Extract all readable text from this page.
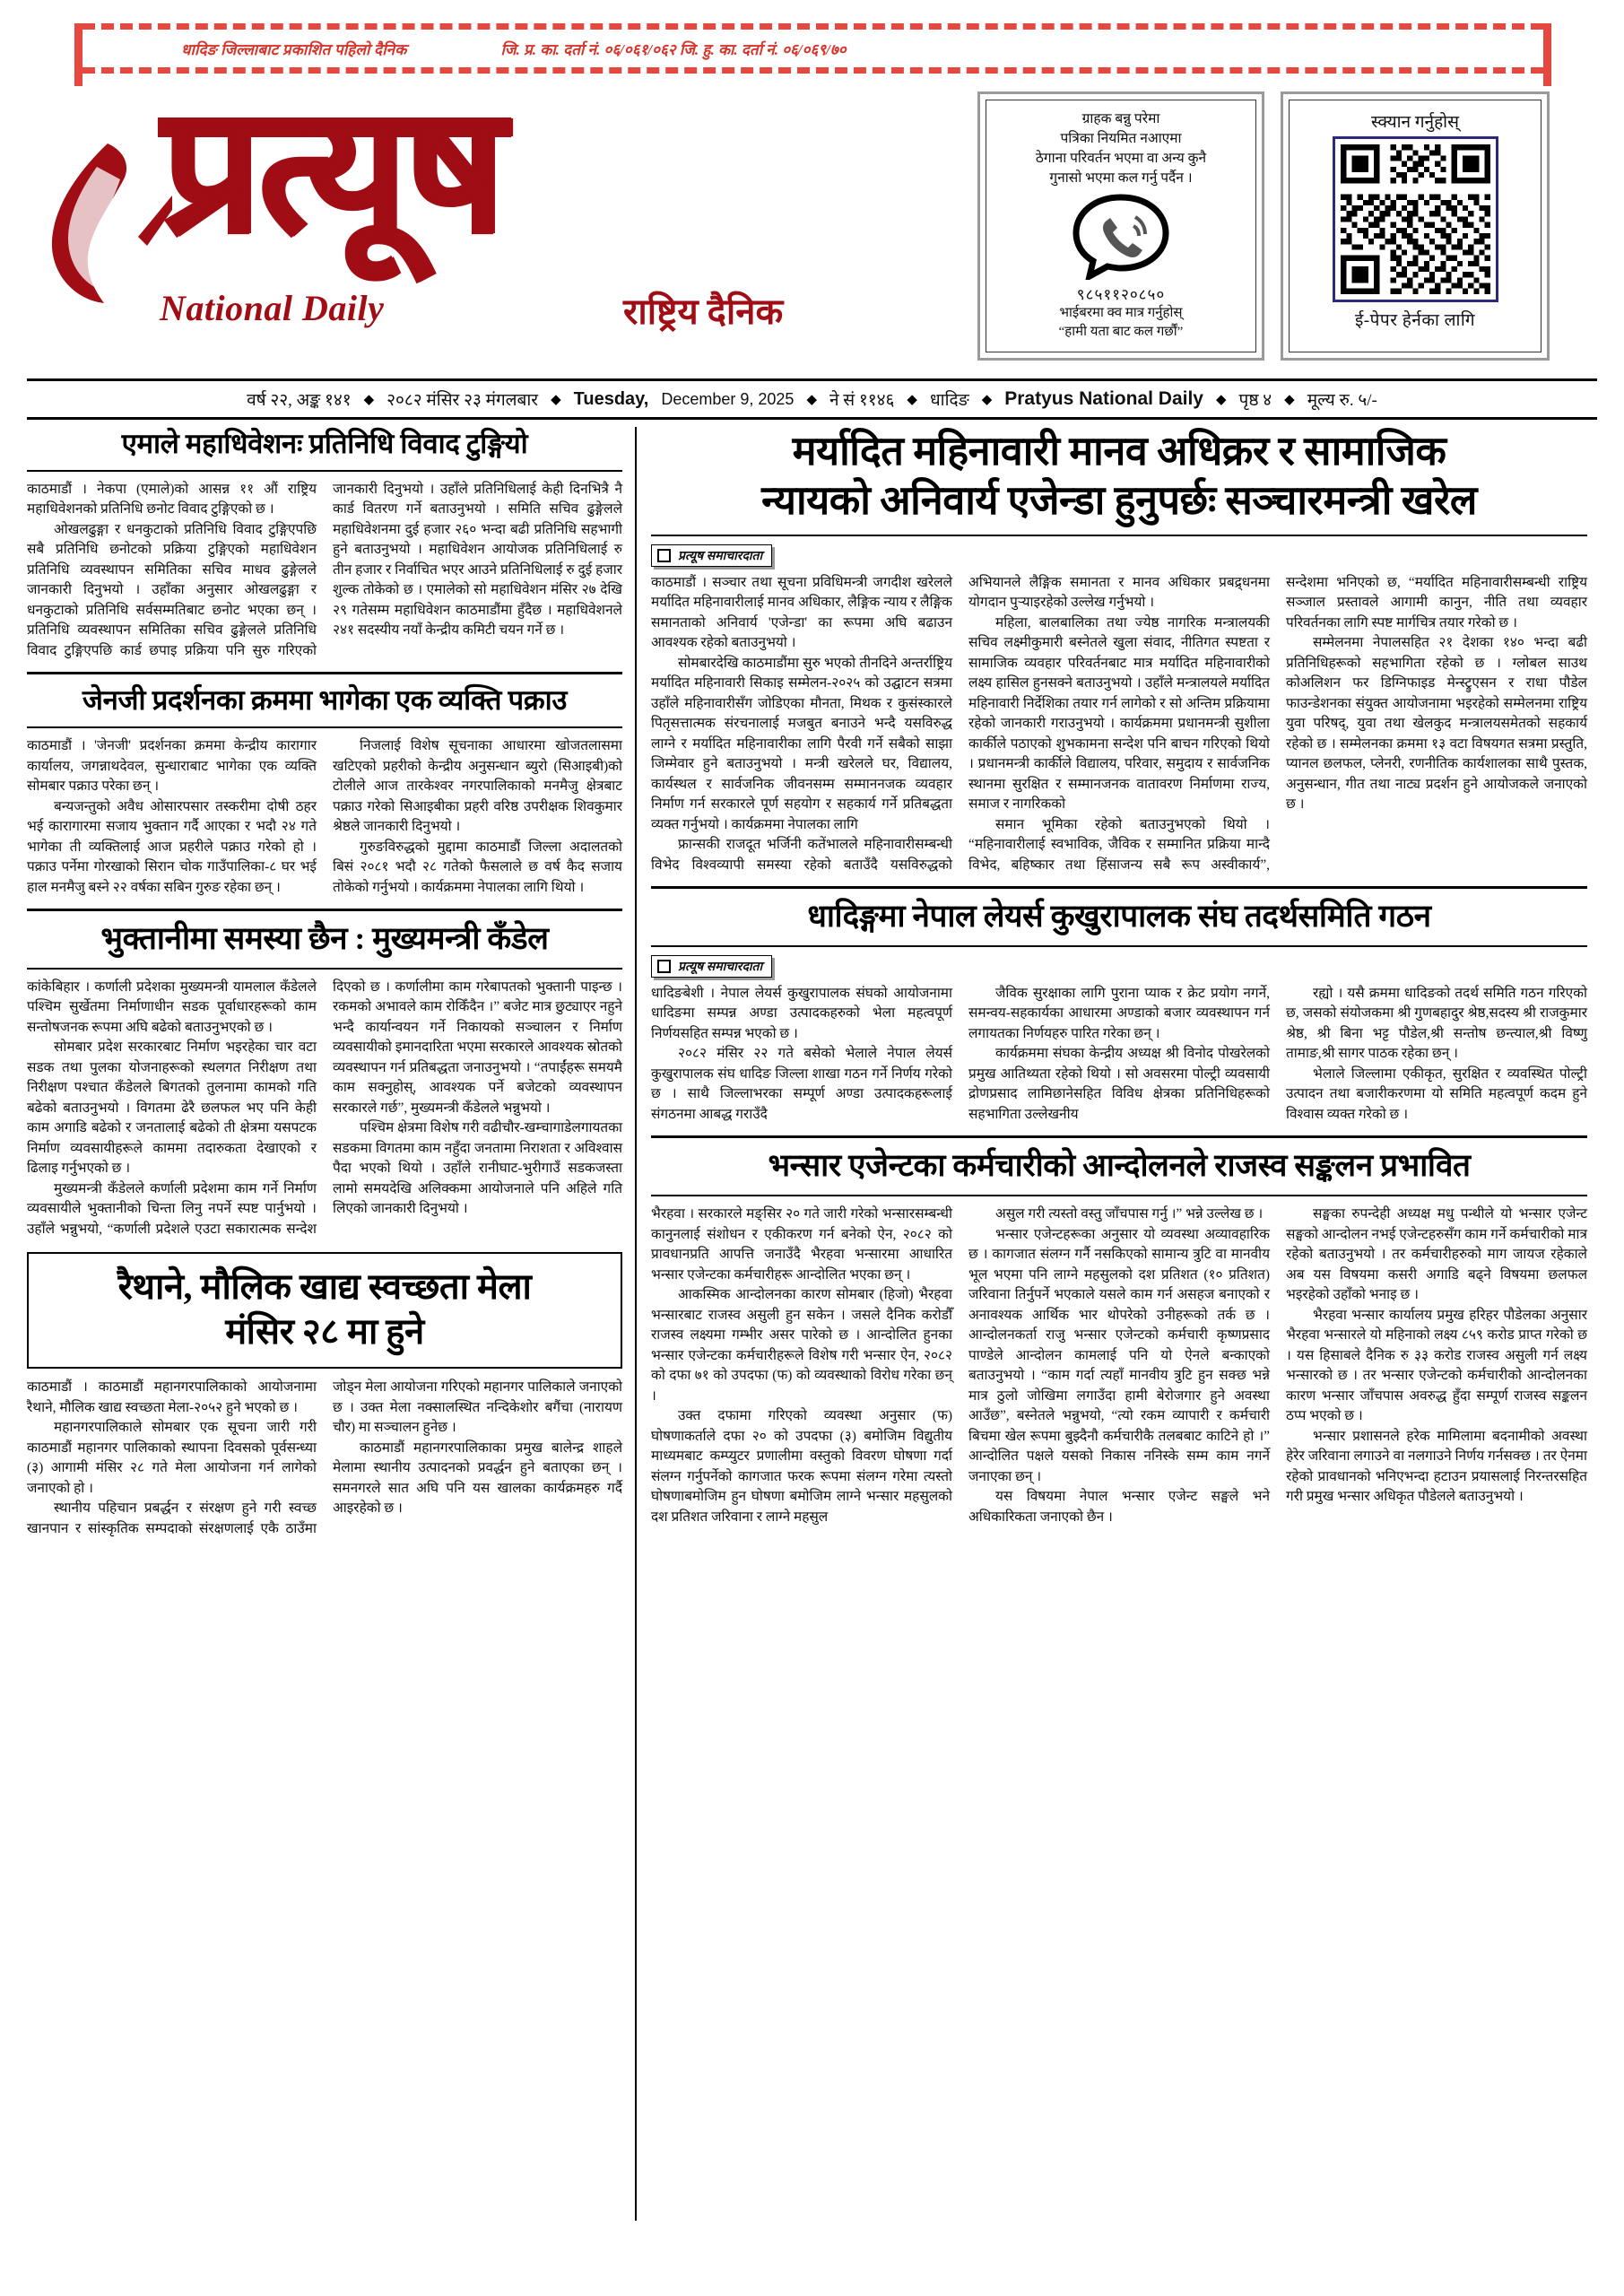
धादिङ जिल्लाबाट प्रकाशित पहिलो दैनिक	जि. प्र. का. दर्ता नं. ०६/०६१/०६२ जि. हु. का. दर्ता नं. ०६/०६९/७०
प्रत्यूष
National Daily	राष्ट्रिय दैनिक
ग्राहक बन्नु परेमा
पत्रिका नियमित नआएमा
ठेगाना परिवर्तन भएमा वा अन्य कुनै
गुनासो भएमा कल गर्नु पर्दैन ।
९८५११२०८५०
भाईबरमा क्व मात्र गर्नुहोस्
“हामी यता बाट कल गर्छौं”
स्क्यान गर्नुहोस्
ई-पेपर हेर्नका लागि
वर्ष २२, अङ्क १४१ ◆ २०८२ मंसिर २३ मंगलबार ◆ Tuesday, December 9, 2025 ◆ ने सं ११४६ ◆ धादिङ ◆ Pratyus National Daily ◆ पृष्ठ ४ ◆ मूल्य रु. ५/-
एमाले महाधिवेशनः प्रतिनिधि विवाद टुङ्गियो

काठमाडौं । नेकपा (एमाले)को आसन्न ११ औं राष्ट्रिय महाधिवेशनको प्रतिनिधि छनोट विवाद टुङ्गिएको छ ।

ओखलढुङ्गा र धनकुटाको प्रतिनिधि विवाद टुङ्गिएपछि सबै प्रतिनिधि छनोटको प्रक्रिया टुङ्गिएको महाधिवेशन प्रतिनिधि व्यवस्थापन समितिका सचिव माधव ढुङ्गेलले जानकारी दिनुभयो । उहाँका अनुसार ओखलढुङ्गा र धनकुटाको प्रतिनिधि सर्वसम्मतिबाट छनोट भएका छन् । प्रतिनिधि व्यवस्थापन समितिका सचिव ढुङ्गेलले प्रतिनिधि विवाद टुङ्गिएपछि कार्ड छपाइ प्रक्रिया पनि सुरु गरिएको जानकारी दिनुभयो । उहाँले प्रतिनिधिलाई केही दिनभित्रै नै कार्ड वितरण गर्ने बताउनुभयो । समिति सचिव ढुङ्गेलले महाधिवेशनमा दुई हजार २६० भन्दा बढी प्रतिनिधि सहभागी हुने बताउनुभयो । महाधिवेशन आयोजक प्रतिनिधिलाई रु तीन हजार र निर्वाचित भएर आउने प्रतिनिधिलाई रु दुई हजार शुल्क तोकेको छ । एमालेको सो महाधिवेशन मंसिर २७ देखि २९ गतेसम्म महाधिवेशन काठमाडौंमा हुँदैछ । महाधिवेशनले २४१ सदस्यीय नयाँ केन्द्रीय कमिटी चयन गर्ने छ ।

जेनजी प्रदर्शनका क्रममा भागेका एक व्यक्ति पक्राउ

काठमाडौं । 'जेनजी' प्रदर्शनका क्रममा केन्द्रीय कारागार कार्यालय, जगन्नाथदेवल, सुन्धाराबाट भागेका एक व्यक्ति सोमबार पक्राउ परेका छन् ।

बन्यजन्तुको अवैध ओसारपसार तस्करीमा दोषी ठहर भई कारागारमा सजाय भुक्तान गर्दै आएका र भदौ २४ गते भागेका ती व्यक्तिलाई आज प्रहरीले पक्राउ गरेको हो । पक्राउ पर्नेमा गोरखाको सिरान चोक गाउँपालिका-८ घर भई हाल मनमैजु बस्ने २२ वर्षका सबिन गुरुङ रहेका छन् ।

निजलाई विशेष सूचनाका आधारमा खोजतलासमा खटिएको प्रहरीको केन्द्रीय अनुसन्धान ब्युरो (सिआइबी)को टोलीले आज तारकेश्वर नगरपालिकाको मनमैजु क्षेत्रबाट पक्राउ गरेको सिआइबीका प्रहरी वरिष्ठ उपरीक्षक शिवकुमार श्रेष्ठले जानकारी दिनुभयो ।

गुरुङविरुद्धको मुद्दामा काठमाडौं जिल्ला अदालतको बिसं २०८१ भदौ २८ गतेको फैसलाले छ वर्ष कैद सजाय तोकेको गर्नुभयो । कार्यक्रममा नेपालका लागि थियो ।

भुक्तानीमा समस्या छैन : मुख्यमन्त्री कँडेल

कांकेबिहार । कर्णाली प्रदेशका मुख्यमन्त्री यामलाल कँडेलले पश्चिम सुर्खेतमा निर्माणाधीन सडक पूर्वाधारहरूको काम सन्तोषजनक रूपमा अघि बढेको बताउनुभएको छ ।

सोमबार प्रदेश सरकारबाट निर्माण भइरहेका चार वटा सडक तथा पुलका योजनाहरूको स्थलगत निरीक्षण तथा निरीक्षण पश्चात कँडेलले बिगतको तुलनामा कामको गति बढेको बताउनुभयो । विगतमा ढेरै छलफल भए पनि केही काम अगाडि बढेको र जनतालाई बढेको ती क्षेत्रमा यसपटक निर्माण व्यवसायीहरूले काममा तदारुकता देखाएको र ढिलाइ गर्नुभएको छ ।

मुख्यमन्त्री कँडेलले कर्णाली प्रदेशमा काम गर्ने निर्माण व्यवसायीले भुक्तानीको चिन्ता लिनु नपर्ने स्पष्ट पार्नुभयो । उहाँले भन्नुभयो, “कर्णाली प्रदेशले एउटा सकारात्मक सन्देश दिएको छ । कर्णालीमा काम गरेबापतको भुक्तानी पाइन्छ । रकमको अभावले काम रोकिँदैन ।” बजेट मात्र छुट्याएर नहुने भन्दै कार्यान्वयन गर्ने निकायको सञ्चालन र निर्माण व्यवसायीको इमानदारिता भएमा सरकारले आवश्यक स्रोतको व्यवस्थापन गर्न प्रतिबद्धता जनाउनुभयो । “तपाईंहरू समयमै काम सक्नुहोस्, आवश्यक पर्ने बजेटको व्यवस्थापन सरकारले गर्छ”, मुख्यमन्त्री कँडेलले भन्नुभयो ।

पश्चिम क्षेत्रमा विशेष गरी वढीचौर-खम्चागाडेलगायतका सडकमा विगतमा काम नहुँदा जनतामा निराशता र अविश्वास पैदा भएको थियो । उहाँले रानीघाट-भुरीगाउँ सडकजस्ता लामो समयदेखि अलिक्कमा आयोजनाले पनि अहिले गति लिएको जानकारी दिनुभयो ।

रैथाने, मौलिक खाद्य स्वच्छता मेला
मंसिर २८ मा हुने

काठमाडौं । काठमाडौं महानगरपालिकाको आयोजनामा रैथाने, मौलिक खाद्य स्वच्छता मेला-२०५२ हुने भएको छ ।

महानगरपालिकाले सोमबार एक सूचना जारी गरी काठमाडौं महानगर पालिकाको स्थापना दिवसको पूर्वसन्ध्या (३) आगामी मंसिर २८ गते मेला आयोजना गर्न लागेको जनाएको हो ।

स्थानीय पहिचान प्रबर्द्धन र संरक्षण हुने गरी स्वच्छ खानपान र सांस्कृतिक सम्पदाको संरक्षणलाई एकै ठाउँमा जोड्न मेला आयोजना गरिएको महानगर पालिकाले जनाएको छ । उक्त मेला नक्सालस्थित नन्दिकेशोर बगैंचा (नारायण चौर) मा सञ्चालन हुनेछ ।

काठमाडौं महानगरपालिकाका प्रमुख बालेन्द्र शाहले मेलामा स्थानीय उत्पादनको प्रवर्द्धन हुने बताएका छन् । समनगरले सात अघि पनि यस खालका कार्यक्रमहरु गर्दै आइरहेको छ ।

मर्यादित महिनावारी मानव अधिक्रर र सामाजिक
न्यायको अनिवार्य एजेन्डा हुनुपर्छः सञ्चारमन्त्री खरेल
प्रत्यूष समाचारदाता

काठमाडौं । सञ्चार तथा सूचना प्रविधिमन्त्री जगदीश खरेलले मर्यादित महिनावारीलाई मानव अधिकार, लैङ्गिक न्याय र लैङ्गिक समानताको अनिवार्य 'एजेन्डा' का रूपमा अघि बढाउन आवश्यक रहेको बताउनुभयो ।

सोमबारदेखि काठमाडौंमा सुरु भएको तीनदिने अन्तर्राष्ट्रिय मर्यादित महिनावारी सिकाइ सम्मेलन-२०२५ को उद्घाटन सत्रमा उहाँले महिनावारीसँग जोडिएका मौनता, मिथक र कुसंस्कारले पितृसत्तात्मक संरचनालाई मजबुत बनाउने भन्दै यसविरुद्ध लाग्ने र मर्यादित महिनावारीका लागि पैरवी गर्ने सबैको साझा जिम्मेवार हुने बताउनुभयो । मन्त्री खरेलले घर, विद्यालय, कार्यस्थल र सार्वजनिक जीवनसम्म सम्माननजक व्यवहार निर्माण गर्न सरकारले पूर्ण सहयोग र सहकार्य गर्ने प्रतिबद्धता व्यक्त गर्नुभयो । कार्यक्रममा नेपालका लागि

फ्रान्सकी राजदूत भर्जिनी कतेंभालले महिनावारीसम्बन्धी विभेद विश्वव्यापी समस्या रहेको बताउँदै यसविरुद्धको अभियानले लैङ्गिक समानता र मानव अधिकार प्रबद्र्धनमा योगदान पुऱ्याइरहेको उल्लेख गर्नुभयो ।

महिला, बालबालिका तथा ज्येष्ठ नागरिक मन्त्रालयकी सचिव लक्ष्मीकुमारी बस्नेतले खुला संवाद, नीतिगत स्पष्टता र सामाजिक व्यवहार परिवर्तनबाट मात्र मर्यादित महिनावारीको लक्ष्य हासिल हुनसक्ने बताउनुभयो । उहाँले मन्त्रालयले मर्यादित महिनावारी निर्देशिका तयार गर्न लागेको र सो अन्तिम प्रक्रियामा रहेको जानकारी गराउनुभयो । कार्यक्रममा प्रधानमन्त्री सुशीला कार्कीले पठाएको शुभकामना सन्देश पनि बाचन गरिएको थियो । प्रधानमन्त्री कार्कीले विद्यालय, परिवार, समुदाय र सार्वजनिक स्थानमा सुरक्षित र सम्मानजनक वातावरण निर्माणमा राज्य, समाज र नागरिकको

समान भूमिका रहेको बताउनुभएको थियो । “महिनावारीलाई स्वभाविक, जैविक र सम्मानित प्रक्रिया मान्दै विभेद, बहिष्कार तथा हिंसाजन्य सबै रूप अस्वीकार्य”, सन्देशमा भनिएको छ, “मर्यादित महिनावारीसम्बन्धी राष्ट्रिय सञ्जाल प्रस्तावले आगामी कानुन, नीति तथा व्यवहार परिवर्तनका लागि स्पष्ट मार्गचित्र तयार गरेको छ ।

सम्मेलनमा नेपालसहित २१ देशका १४० भन्दा बढी प्रतिनिधिहरूको सहभागिता रहेको छ । ग्लोबल साउथ कोअलिशन फर डिग्निफाइड मेन्स्ट्रुएसन र राधा पौडेल फाउन्डेशनका संयुक्त आयोजनामा भइरहेको सम्मेलनमा राष्ट्रिय युवा परिषद्, युवा तथा खेलकुद मन्त्रालयसमेतको सहकार्य रहेको छ । सम्मेलनका क्रममा १३ वटा विषयगत सत्रमा प्रस्तुति, प्यानल छलफल, प्लेनरी, रणनीतिक कार्यशालका साथै पुस्तक, अनुसन्धान, गीत तथा नाट्य प्रदर्शन हुने आयोजकले जनाएको छ ।

धादिङ्गमा नेपाल लेयर्स कुखुरापालक संघ तदर्थसमिति गठन
प्रत्यूष समाचारदाता

धादिङबेशी । नेपाल लेयर्स कुखुरापालक संघको आयोजनामा धादिङमा सम्पन्न अण्डा उत्पादकहरुको भेला महत्वपूर्ण निर्णयसहित सम्पन्न भएको छ ।

२०८२ मंसिर २२ गते बसेको भेलाले नेपाल लेयर्स कुखुरापालक संघ धादिङ जिल्ला शाखा गठन गर्ने निर्णय गरेको छ । साथै जिल्लाभरका सम्पूर्ण अण्डा उत्पादकहरूलाई संगठनमा आबद्ध गराउँदै

जैविक सुरक्षाका लागि पुराना प्याक र क्रेट प्रयोग नगर्ने, समन्वय-सहकार्यका आधारमा अण्डाको बजार व्यवस्थापन गर्न लगायतका निर्णयहरु पारित गरेका छन् ।

कार्यक्रममा संघका केन्द्रीय अध्यक्ष श्री विनोद पोखरेलको प्रमुख आतिथ्यता रहेको थियो । सो अवसरमा पोल्ट्री व्यवसायी द्रोणप्रसाद लामिछानेसहित विविध क्षेत्रका प्रतिनिधिहरूको सहभागिता उल्लेखनीय

रह्यो । यसै क्रममा धादिङको तदर्थ समिति गठन गरिएको छ, जसको संयोजकमा श्री गुणबहादुर श्रेष्ठ,सदस्य श्री राजकुमार श्रेष्ठ, श्री बिना भट्ट पौडेल,श्री सन्तोष छन्त्याल,श्री विष्णु तामाङ,श्री सागर पाठक रहेका छन् ।

भेलाले जिल्लामा एकीकृत, सुरक्षित र व्यवस्थित पोल्ट्री उत्पादन तथा बजारीकरणमा यो समिति महत्वपूर्ण कदम हुने विश्वास व्यक्त गरेको छ ।

भन्सार एजेन्टका कर्मचारीको आन्दोलनले राजस्व सङ्कलन प्रभावित

भैरहवा । सरकारले मङ्सिर २० गते जारी गरेको भन्सारसम्बन्धी कानुनलाई संशोधन र एकीकरण गर्न बनेको ऐन, २०८२ को प्रावधानप्रति आपत्ति जनाउँदै भैरहवा भन्सारमा आधारित भन्सार एजेन्टका कर्मचारीहरू आन्दोलित भएका छन् ।

आकस्मिक आन्दोलनका कारण सोमबार (हिजो) भैरहवा भन्सारबाट राजस्व असुली हुन सकेन । जसले दैनिक करोडौँ राजस्व लक्ष्यमा गम्भीर असर पारेको छ । आन्दोलित हुनका भन्सार एजेन्टका कर्मचारीहरूले विशेष गरी भन्सार ऐन, २०८२ को दफा ७१ को उपदफा (फ) को व्यवस्थाको विरोध गरेका छन् ।

उक्त दफामा गरिएको व्यवस्था अनुसार (फ) घोषणाकर्ताले दफा २० को उपदफा (३) बमोजिम विद्युतीय माध्यमबाट कम्प्युटर प्रणालीमा वस्तुको विवरण घोषणा गर्दा संलग्न गर्नुपर्नेको कागजात फरक रूपमा संलग्न गरेमा त्यस्तो घोषणाबमोजिम हुन घोषणा बमोजिम लाग्ने भन्सार महसुलको दश प्रतिशत जरिवाना र लाग्ने महसुल

असुल गरी त्यस्तो वस्तु जाँचपास गर्नु ।” भन्ने उल्लेख छ ।

भन्सार एजेन्टहरूका अनुसार यो व्यवस्था अव्यावहारिक छ । कागजात संलग्न गर्नै नसकिएको सामान्य त्रुटि वा मानवीय भूल भएमा पनि लाग्ने महसुलको दश प्रतिशत (१० प्रतिशत) जरिवाना तिर्नुपर्ने भएकाले यसले काम गर्न असहज बनाएको र अनावश्यक आर्थिक भार थोपरेको उनीहरूको तर्क छ । आन्दोलनकर्ता राजु भन्सार एजेन्टको कर्मचारी कृष्णप्रसाद पाण्डेले आन्दोलन कामलाई पनि यो ऐनले बन्काएको बताउनुभयो । “काम गर्दा त्यहाँ मानवीय त्रुटि हुन सक्छ भन्ने मात्र ठुलो जोखिमा लगाउँदा हामी बेरोजगार हुने अवस्था आउँछ”, बस्नेतले भन्नुभयो, “त्यो रकम व्यापारी र कर्मचारी बिचमा खेल रूपमा बुझ्दैनौ कर्मचारीकै तलबबाट काटिने हो ।” आन्दोलित पक्षले यसको निकास ननिस्के सम्म काम नगर्ने जनाएका छन् ।

यस विषयमा नेपाल भन्सार एजेन्ट सङ्घले भने अधिकारिकता जनाएको छैन ।

सङ्घका रुपन्देही अध्यक्ष मधु पन्थीले यो भन्सार एजेन्ट सङ्घको आन्दोलन नभई एजेन्टहरुसँग काम गर्ने कर्मचारीको मात्र रहेको बताउनुभयो । तर कर्मचारीहरुको माग जायज रहेकाले अब यस विषयमा कसरी अगाडि बढ्ने विषयमा छलफल भइरहेको उहाँको भनाइ छ ।

भैरहवा भन्सार कार्यालय प्रमुख हरिहर पौडेलका अनुसार भैरहवा भन्सारले यो महिनाको लक्ष्य ८५९ करोड प्राप्त गरेको छ । यस हिसाबले दैनिक रु ३३ करोड राजस्व असुली गर्न लक्ष्य भन्सारको छ । तर भन्सार एजेन्टको कर्मचारीको आन्दोलनका कारण भन्सार जाँचपास अवरुद्ध हुँदा सम्पूर्ण राजस्व सङ्कलन ठप्प भएको छ ।

भन्सार प्रशासनले हरेक मामिलामा बदनामीको अवस्था हेरेर जरिवाना लगाउने वा नलगाउने निर्णय गर्नसक्छ । तर ऐनमा रहेको प्रावधानको भनिएभन्दा हटाउन प्रयासलाई निरन्तरसहित गरी प्रमुख भन्सार अधिकृत पौडेलले बताउनुभयो ।
